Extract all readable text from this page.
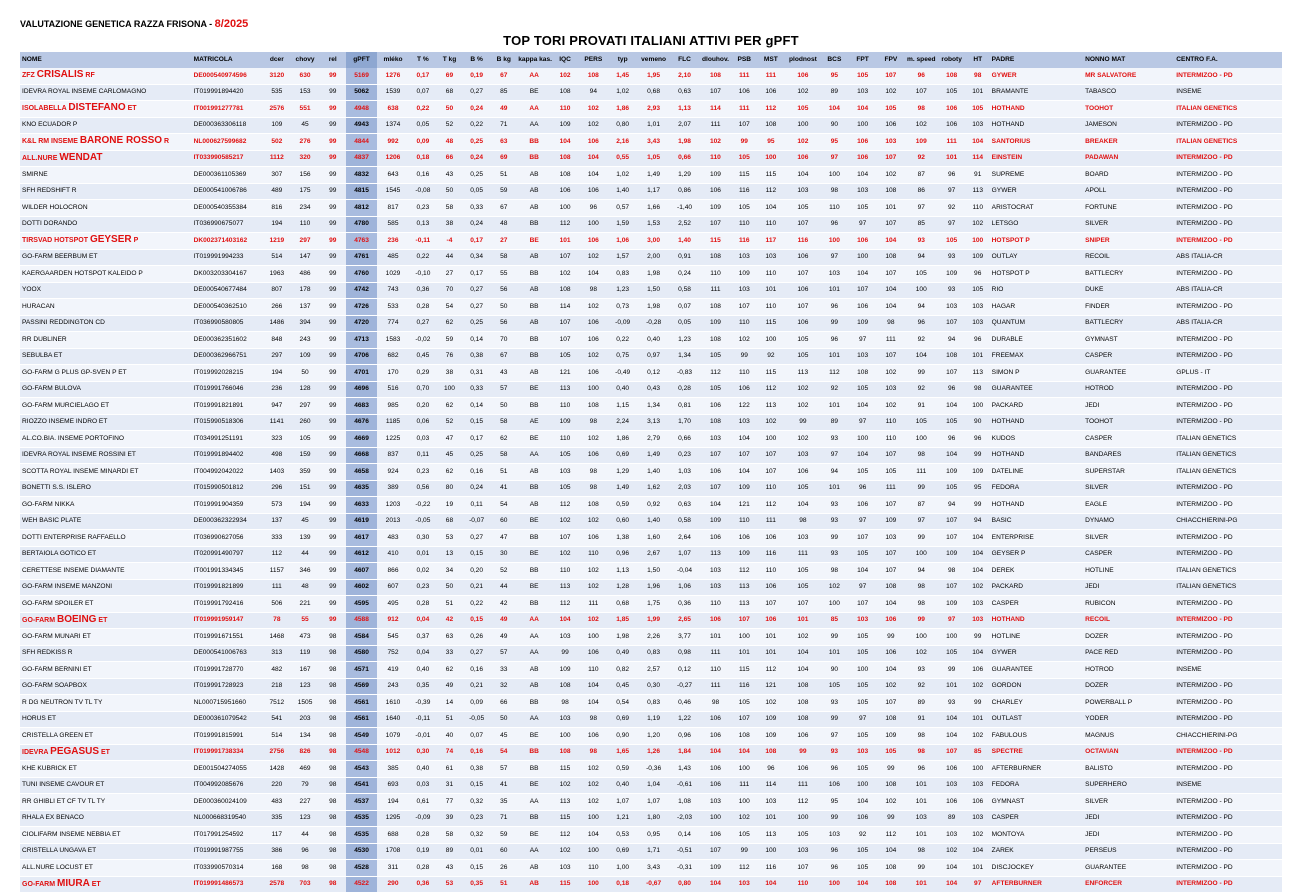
VALUTAZIONE GENETICA RAZZA FRISONA - 8/2025
TOP TORI PROVATI ITALIANI ATTIVI PER gPFT
NOME	MATRICOLA	dcer	chovy	rel	gPFT	mléko	T %	T kg	B %	B kg	kappa kas.	IQC	PERS	typ	vemeno	FLC	dlouhov.	PSB	MST	plodnost	BCS	FPT	FPV	m. speed	roboty	HT	PADRE	NONNO MAT	CENTRO F.A.
ZFZ CRISALIS RF	DE000540974596	3120	630	99	5169	1276	0,17	69	0,19	67	AA	102	108	1,45	1,95	2,10	108	111	111	106	95	105	107	96	108	98	GYWER	MR SALVATORE	INTERMIZOO - PD
IDEVRA ROYAL INSEME CARLOMAGNO	IT019991894420	535	153	99	5062	1539	0,07	68	0,27	85	BE	108	94	1,02	0,68	0,63	107	106	106	102	89	103	102	107	105	101	BRAMANTE	TABASCO	INSEME
ISOLABELLA DISTEFANO ET	IT001991277781	2576	551	99	4948	638	0,22	50	0,24	49	AA	110	102	1,86	2,93	1,13	114	111	112	105	104	104	105	98	106	105	HOTHAND	TOOHOT	ITALIAN GENETICS
KNO ECUADOR P	DE000363306118	109	45	99	4943	1374	0,05	52	0,22	71	AA	109	102	0,80	1,01	2,07	111	107	108	100	90	100	106	102	106	103	HOTHAND	JAMESON	INTERMIZOO - PD
K&L RM INSEME BARONE ROSSO R	NL000627599682	502	276	99	4844	992	0,09	48	0,25	63	BB	104	106	2,16	3,43	1,98	102	99	95	102	95	106	103	109	111	104	SANTORIUS	BREAKER	ITALIAN GENETICS
ALL.NURE WENDAT	IT033990585217	1112	320	99	4837	1206	0,18	66	0,24	69	BB	108	104	0,55	1,05	0,66	110	105	100	106	97	106	107	92	101	114	EINSTEIN	PADAWAN	INTERMIZOO - PD
SMIRNE	DE000361105369	307	156	99	4832	643	0,16	43	0,25	51	AB	108	104	1,02	1,49	1,29	109	115	115	104	100	104	102	87	96	91	SUPREME	BOARD	INTERMIZOO - PD
SFH REDSHIFT R	DE000541006786	489	175	99	4815	1545	-0,08	50	0,05	59	AB	106	106	1,40	1,17	0,86	106	116	112	103	98	103	108	86	97	113	GYWER	APOLL	INTERMIZOO - PD
WILDER HOLOCRON	DE000540355384	816	234	99	4812	817	0,23	58	0,33	67	AB	100	96	0,57	1,66	-1,40	109	105	104	105	110	105	101	97	92	110	ARISTOCRAT	FORTUNE	INTERMIZOO - PD
DOTTI DORANDO	IT036990675077	194	110	99	4780	585	0,13	38	0,24	48	BB	112	100	1,59	1,53	2,52	107	110	110	107	96	97	107	85	97	102	LETSGO	SILVER	INTERMIZOO - PD
TIRSVAD HOTSPOT GEYSER P	DK002371403162	1219	297	99	4763	236	-0,11	-4	0,17	27	BE	101	106	1,06	3,00	1,40	115	116	117	116	100	106	104	93	105	100	HOTSPOT P	SNIPER	INTERMIZOO - PD
GO-FARM BEERBUM ET	IT019991994233	514	147	99	4761	485	0,22	44	0,34	58	AB	107	102	1,57	2,00	0,91	108	103	103	106	97	100	108	94	93	109	OUTLAY	RECOIL	ABS ITALIA-CR
KAERGAARDEN HOTSPOT KALEIDO P	DK003203304167	1963	486	99	4760	1029	-0,10	27	0,17	55	BB	102	104	0,83	1,98	0,24	110	109	110	107	103	104	107	105	109	96	HOTSPOT P	BATTLECRY	INTERMIZOO - PD
YOOX	DE000540677484	807	178	99	4742	743	0,36	70	0,27	56	AB	108	98	1,23	1,50	0,58	111	103	101	106	101	107	104	100	93	105	RIO	DUKE	ABS ITALIA-CR
HURACAN	DE000540362510	266	137	99	4726	533	0,28	54	0,27	50	BB	114	102	0,73	1,98	0,07	108	107	110	107	96	106	104	94	103	103	HAGAR	FINDER	INTERMIZOO - PD
PASSINI REDDINGTON CD	IT036990580805	1486	394	99	4720	774	0,27	62	0,25	56	AB	107	106	-0,09	-0,28	0,05	109	110	115	106	99	109	98	96	107	103	QUANTUM	BATTLECRY	ABS ITALIA-CR
RR DUBLINER	DE000362351602	848	243	99	4713	1583	-0,02	59	0,14	70	BB	107	106	0,22	0,40	1,23	108	102	100	105	96	97	111	92	94	96	DURABLE	GYMNAST	INTERMIZOO - PD
SEBULBA ET	DE000362966751	297	109	99	4706	682	0,45	76	0,38	67	BB	105	102	0,75	0,97	1,34	105	99	92	105	101	103	107	104	108	101	FREEMAX	CASPER	INTERMIZOO - PD
GO-FARM G PLUS GP-SVEN P ET	IT019992028215	194	50	99	4701	170	0,29	38	0,31	43	AB	121	106	-0,49	0,12	-0,83	112	110	115	113	112	108	102	99	107	113	SIMON P	GUARANTEE	GPLUS - IT
GO-FARM BULOVA	IT019991766046	236	128	99	4696	516	0,70	100	0,33	57	BE	113	100	0,40	0,43	0,28	105	106	112	102	92	105	103	92	96	98	GUARANTEE	HOTROD	INTERMIZOO - PD
GO-FARM MURCIELAGO ET	IT019991821891	947	297	99	4683	985	0,20	62	0,14	50	BB	110	108	1,15	1,34	0,81	106	122	113	102	101	104	102	91	104	100	PACKARD	JEDI	INTERMIZOO - PD
RIOZZO INSEME INDRO ET	IT015990518306	1141	260	99	4676	1185	0,06	52	0,15	58	AE	109	98	2,24	3,13	1,70	108	103	102	99	89	97	110	105	105	90	HOTHAND	TOOHOT	INTERMIZOO - PD
AL.CO.BIA. INSEME PORTOFINO	IT034991251191	323	105	99	4669	1225	0,03	47	0,17	62	BE	110	102	1,86	2,79	0,66	103	104	100	102	93	100	110	100	96	96	KUDOS	CASPER	ITALIAN GENETICS
IDEVRA ROYAL INSEME ROSSINI ET	IT019991894402	498	159	99	4668	837	0,11	45	0,25	58	AA	105	106	0,69	1,49	0,23	107	107	107	103	97	104	107	98	104	99	HOTHAND	BANDARES	ITALIAN GENETICS
SCOTTA ROYAL INSEME MINARDI ET	IT004992042022	1403	359	99	4658	924	0,23	62	0,16	51	AB	103	98	1,29	1,40	1,03	106	104	107	106	94	105	105	111	109	109	DATELINE	SUPERSTAR	ITALIAN GENETICS
BONETTI S.S. ISLERO	IT015990501812	296	151	99	4635	389	0,56	80	0,24	41	BB	105	98	1,49	1,62	2,03	107	109	110	105	101	96	111	99	105	95	FEDORA	SILVER	INTERMIZOO - PD
GO-FARM NIKKA	IT019991904359	573	194	99	4633	1203	-0,22	19	0,11	54	AB	112	108	0,59	0,92	0,63	104	121	112	104	93	106	107	87	94	99	HOTHAND	EAGLE	INTERMIZOO - PD
WEH BASIC PLATE	DE000362322934	137	45	99	4619	2013	-0,05	68	-0,07	60	BE	102	102	0,60	1,40	0,58	109	110	111	98	93	97	109	97	107	94	BASIC	DYNAMO	CHIACCHIERINI-PG
DOTTI ENTERPRISE RAFFAELLO	IT036990627056	333	139	99	4617	483	0,30	53	0,27	47	BB	107	106	1,38	1,60	2,64	106	106	106	103	99	107	103	99	107	104	ENTERPRISE	SILVER	INTERMIZOO - PD
BERTAIOLA GOTICO ET	IT020991490797	112	44	99	4612	410	0,01	13	0,15	30	BE	102	110	0,96	2,67	1,07	113	109	116	111	93	105	107	100	109	104	GEYSER P	CASPER	INTERMIZOO - PD
CERETTESE INSEME DIAMANTE	IT001991334345	1157	346	99	4607	866	0,02	34	0,20	52	BB	110	102	1,13	1,50	-0,04	103	112	110	105	98	104	107	94	98	104	DEREK	HOTLINE	ITALIAN GENETICS
GO-FARM INSEME MANZONI	IT019991821899	111	48	99	4602	607	0,23	50	0,21	44	BE	113	102	1,28	1,96	1,06	103	113	106	105	102	97	108	98	107	102	PACKARD	JEDI	ITALIAN GENETICS
GO-FARM SPOILER ET	IT019991792416	506	221	99	4595	495	0,28	51	0,22	42	BB	112	111	0,68	1,75	0,36	110	113	107	107	100	107	104	98	109	103	CASPER	RUBICON	INTERMIZOO - PD
GO-FARM BOEING ET	IT019991959147	78	55	99	4588	912	0,04	42	0,15	49	AA	104	102	1,85	1,99	2,65	106	107	106	101	85	103	106	99	97	103	HOTHAND	RECOIL	INTERMIZOO - PD
GO-FARM MUNARI ET	IT019991671551	1468	473	98	4584	545	0,37	63	0,26	49	AA	103	100	1,98	2,26	3,77	101	100	101	102	99	105	99	100	100	99	HOTLINE	DOZER	INTERMIZOO - PD
SFH REDKISS R	DE000541006763	313	119	98	4580	752	0,04	33	0,27	57	AA	99	106	0,49	0,83	0,98	111	101	101	104	101	105	106	102	105	104	GYWER	PACE RED	INTERMIZOO - PD
GO-FARM BERNINI ET	IT019991728770	482	167	98	4571	419	0,40	62	0,16	33	AB	109	110	0,82	2,57	0,12	110	115	112	104	90	100	104	93	99	106	GUARANTEE	HOTROD	INSEME
GO-FARM SOAPBOX	IT019991728923	218	123	98	4569	243	0,35	49	0,21	32	AB	108	104	0,45	0,30	-0,27	111	116	121	108	105	105	102	92	101	102	GORDON	DOZER	INTERMIZOO - PD
R DG NEUTRON TV TL TY	NL000715951660	7512	1505	98	4561	1610	-0,39	14	0,09	66	BB	98	104	0,54	0,83	0,46	98	105	102	108	93	105	107	89	93	99	CHARLEY	POWERBALL P	INTERMIZOO - PD
HORUS ET	DE000361079542	541	203	98	4561	1640	-0,11	51	-0,05	50	AA	103	98	0,69	1,19	1,22	106	107	109	108	99	97	108	91	104	101	OUTLAST	YODER	INTERMIZOO - PD
CRISTELLA GREEN ET	IT019991815991	514	134	98	4549	1079	-0,01	40	0,07	45	BE	100	106	0,90	1,20	0,96	106	108	109	106	97	105	109	98	104	102	FABULOUS	MAGNUS	CHIACCHIERINI-PG
IDEVRA PEGASUS ET	IT019991738334	2756	826	98	4548	1012	0,30	74	0,16	54	BB	108	98	1,65	1,26	1,84	104	104	108	99	93	103	105	98	107	85	SPECTRE	OCTAVIAN	INTERMIZOO - PD
KHE KUBRICK ET	DE001504274055	1428	469	98	4543	385	0,40	61	0,38	57	BB	115	102	0,59	-0,36	1,43	106	100	96	106	96	105	99	96	106	100	AFTERBURNER	BALISTO	INTERMIZOO - PD
TUNI INSEME CAVOUR ET	IT004992085676	220	79	98	4541	693	0,03	31	0,15	41	BE	102	102	0,40	1,04	-0,61	106	111	114	111	106	100	108	101	103	103	FEDORA	SUPERHERO	INSEME
RR GHIBLI ET CF TV TL TY	DE000360024109	483	227	98	4537	194	0,61	77	0,32	35	AA	113	102	1,07	1,07	1,08	103	100	103	112	95	104	102	101	106	106	GYMNAST	SILVER	INTERMIZOO - PD
RHALA EX BENACO	NL000668319540	335	123	98	4535	1295	-0,09	39	0,23	71	BB	115	100	1,21	1,80	-2,03	100	102	101	100	99	106	99	103	89	103	CASPER	JEDI	INTERMIZOO - PD
CIOLIFARM INSEME NEBBIA ET	IT017991254592	117	44	98	4535	688	0,28	58	0,32	59	BE	112	104	0,53	0,95	0,14	106	105	113	105	103	92	112	101	103	102	MONTOYA	JEDI	INTERMIZOO - PD
CRISTELLA UNGAVA ET	IT019991987755	386	96	98	4530	1708	0,19	89	0,01	60	AA	102	100	0,69	1,71	-0,51	107	99	100	103	96	105	104	98	102	104	ZAREK	PERSEUS	INTERMIZOO - PD
ALL.NURE LOCUST ET	IT033990570314	168	98	98	4528	311	0,28	43	0,15	26	AB	103	110	1,00	3,43	-0,31	109	112	116	107	96	105	108	99	104	101	DISCJOCKEY	GUARANTEE	INTERMIZOO - PD
GO-FARM MIURA ET	IT019991486573	2578	703	98	4522	290	0,36	53	0,35	51	AB	115	100	0,18	-0,67	0,80	104	103	104	110	100	104	108	101	104	97	AFTERBURNER	ENFORCER	INTERMIZOO - PD
